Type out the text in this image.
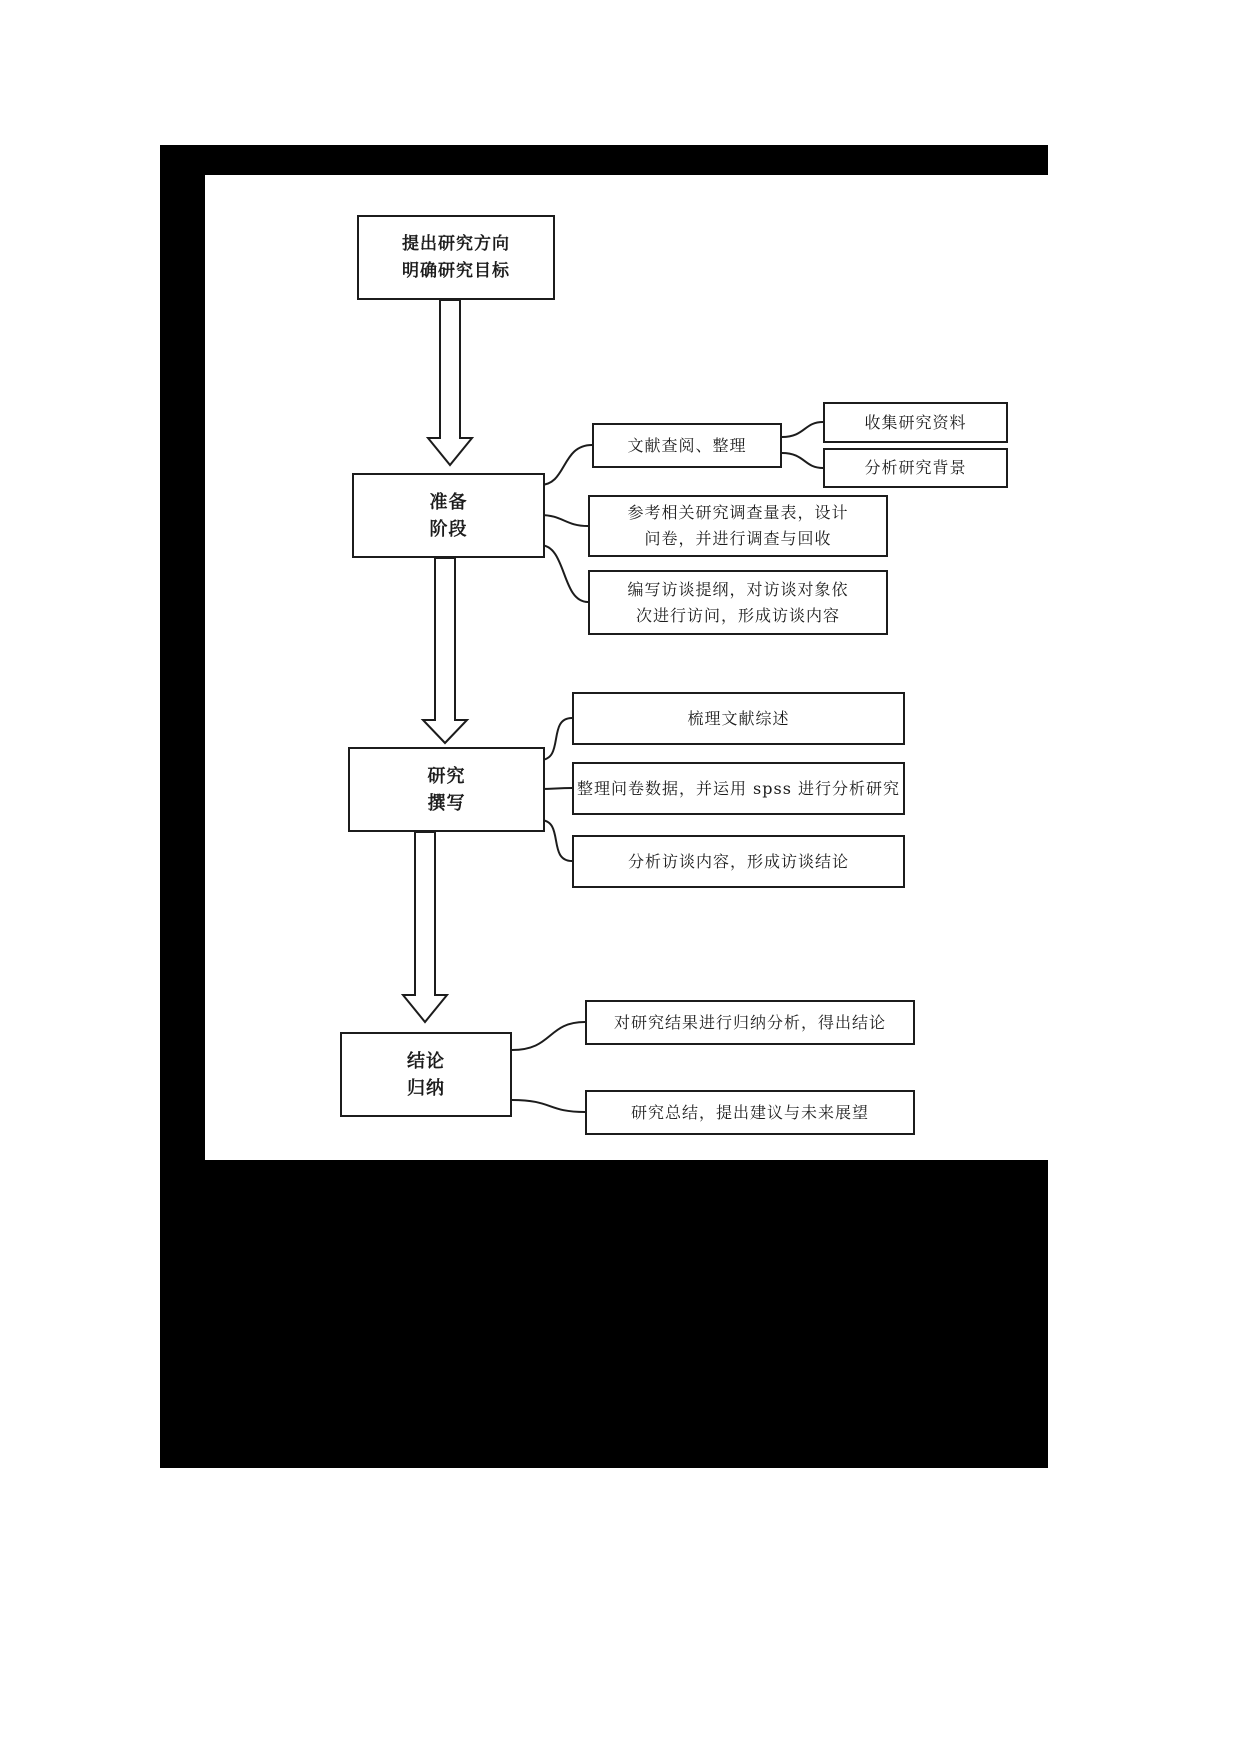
提出研究方向
明确研究目标
准备
阶段
文献查阅、整理
收集研究资料
分析研究背景
参考相关研究调查量表，设计
问卷，并进行调查与回收
编写访谈提纲，对访谈对象依
次进行访问，形成访谈内容
研究
撰写
梳理文献综述
整理问卷数据，并运用 spss 进行分析研究
分析访谈内容，形成访谈结论
结论
归纳
对研究结果进行归纳分析，得出结论
研究总结，提出建议与未来展望
